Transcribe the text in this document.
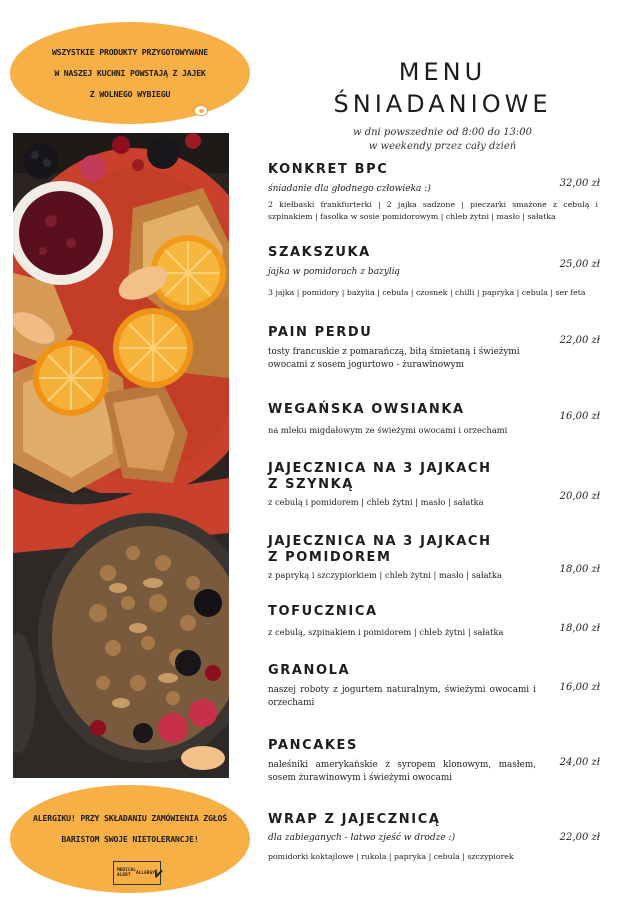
WSZYSTKIE PRODUKTY PRZYGOTOWYWANE
W NASZEJ KUCHNI POWSTAJĄ Z JAJEK
Z WOLNEGO WYBIEGU
ALERGIKU! PRZY SKŁADANIU ZAMÓWIENIA ZGŁOŚ
BARISTOM SWOJE NIETOLERANCJE!
MEDICAL
ALERT	ALLERGY
MENU
ŚNIADANIOWE
w dni powszednie od 8:00 do 13:00
w weekendy przez cały dzień
KONKRET BPC
śniadanie dla głodnego człowieka :)
2 kiełbaski frankfurterki | 2 jajka sadzone | pieczarki smażone z cebulą i szpinakiem | fasolka w sosie pomidorowym | chleb żytni | masło | sałatka
32,00 zł
SZAKSZUKA
jajka w pomidorach z bazylią
3 jajka | pomidory | bazylia | cebula | czosnek | chilli | papryka | cebula | ser feta
25,00 zł
PAIN PERDU
tosty francuskie z pomarańczą, bitą śmietaną i świeżymi owocami z sosem jogurtowo - żurawinowym
22,00 zł
WEGAŃSKA OWSIANKA
na mleku migdałowym ze świeżymi owocami i orzechami
16,00 zł
JAJECZNICA NA 3 JAJKACH
Z SZYNKĄ
z cebulą i pomidorem | chleb żytni | masło | sałatka	20,00 zł
JAJECZNICA NA 3 JAJKACH
Z POMIDOREM
z papryką i szczypiorkiem | chleb żytni | masło | sałatka	18,00 zł
TOFUCZNICA
z cebulą, szpinakiem i pomidorem | chleb żytni | sałatka	18,00 zł
GRANOLA
naszej roboty z jogurtem naturalnym, świeżymi owocami i orzechami
16,00 zł
PANCAKES
naleśniki amerykańskie z syropem klonowym, masłem, sosem żurawinowym i świeżymi owocami
24,00 zł
WRAP Z JAJECZNICĄ
dla zabieganych - łatwo zjeść w drodze :)
pomidorki koktajlowe | rukola | papryka | cebula | szczypiorek
22,00 zł
